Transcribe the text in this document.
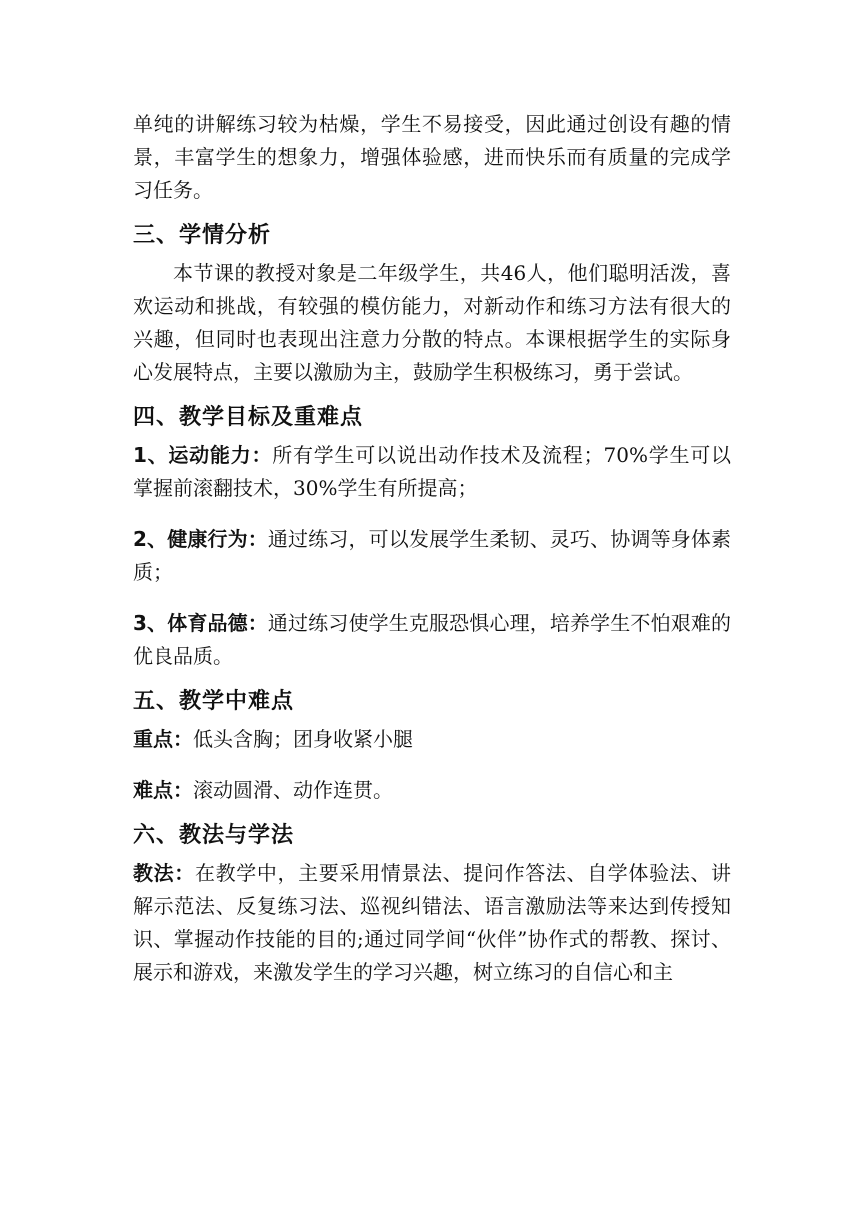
单纯的讲解练习较为枯燥，学生不易接受，因此通过创设有趣的情景，丰富学生的想象力，增强体验感，进而快乐而有质量的完成学习任务。

三、学情分析

本节课的教授对象是二年级学生，共46人，他们聪明活泼，喜欢运动和挑战，有较强的模仿能力，对新动作和练习方法有很大的兴趣，但同时也表现出注意力分散的特点。本课根据学生的实际身心发展特点，主要以激励为主，鼓励学生积极练习，勇于尝试。

四、教学目标及重难点

1、运动能力：所有学生可以说出动作技术及流程；70%学生可以掌握前滚翻技术，30%学生有所提高；

2、健康行为：通过练习，可以发展学生柔韧、灵巧、协调等身体素质；

3、体育品德：通过练习使学生克服恐惧心理，培养学生不怕艰难的优良品质。

五、教学中难点

重点：低头含胸；团身收紧小腿

难点：滚动圆滑、动作连贯。

六、教法与学法

教法：在教学中，主要采用情景法、提问作答法、自学体验法、讲解示范法、反复练习法、巡视纠错法、语言激励法等来达到传授知识、掌握动作技能的目的;通过同学间“伙伴”协作式的帮教、探讨、展示和游戏，来激发学生的学习兴趣，树立练习的自信心和主
